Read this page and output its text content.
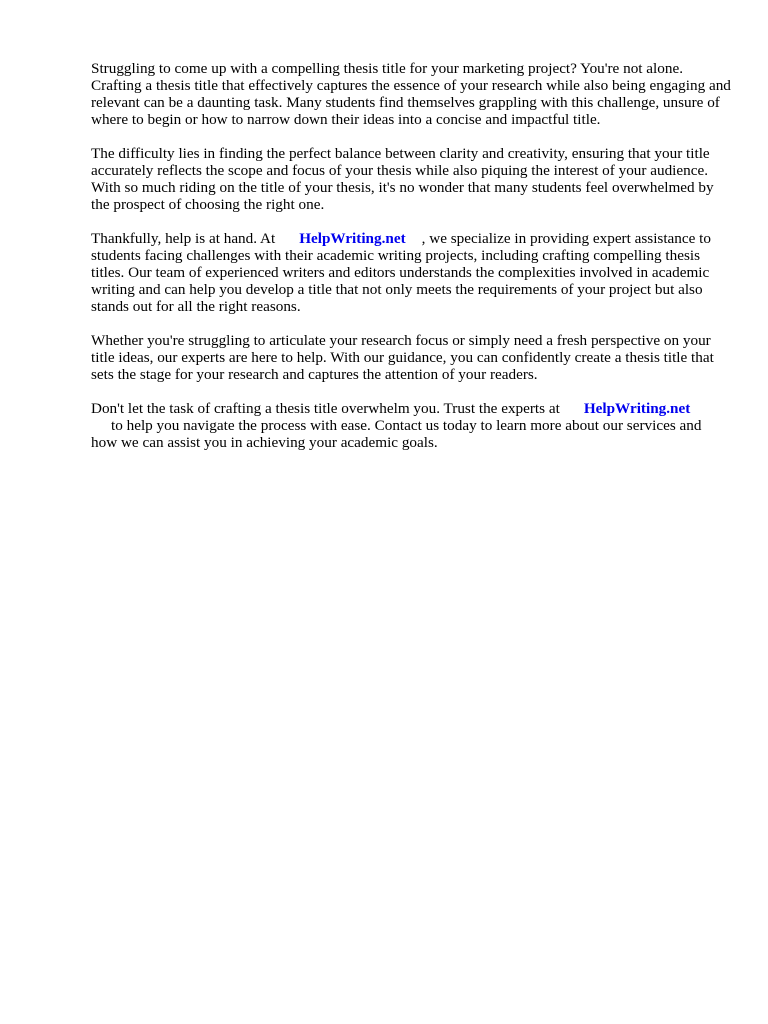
Struggling to come up with a compelling thesis title for your marketing project? You're not alone. Crafting a thesis title that effectively captures the essence of your research while also being engaging and relevant can be a daunting task. Many students find themselves grappling with this challenge, unsure of where to begin or how to narrow down their ideas into a concise and impactful title.

The difficulty lies in finding the perfect balance between clarity and creativity, ensuring that your title accurately reflects the scope and focus of your thesis while also piquing the interest of your audience. With so much riding on the title of your thesis, it's no wonder that many students feel overwhelmed by the prospect of choosing the right one.

Thankfully, help is at hand. At HelpWriting.net , we specialize in providing expert assistance to students facing challenges with their academic writing projects, including crafting compelling thesis titles. Our team of experienced writers and editors understands the complexities involved in academic writing and can help you develop a title that not only meets the requirements of your project but also stands out for all the right reasons.

Whether you're struggling to articulate your research focus or simply need a fresh perspective on your title ideas, our experts are here to help. With our guidance, you can confidently create a thesis title that sets the stage for your research and captures the attention of your readers.

Don't let the task of crafting a thesis title overwhelm you. Trust the experts at HelpWriting.net
to help you navigate the process with ease. Contact us today to learn more about our services and how we can assist you in achieving your academic goals.
